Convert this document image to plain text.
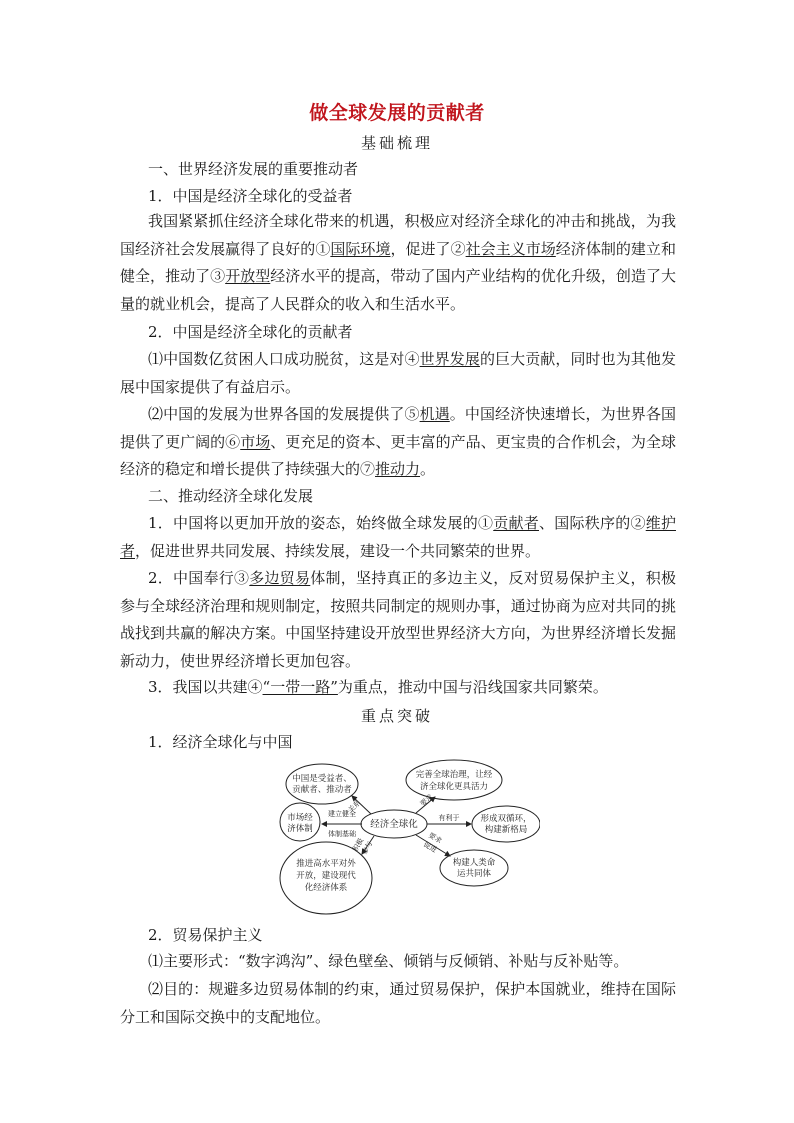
做全球发展的贡献者
基础梳理
一、世界经济发展的重要推动者
1．中国是经济全球化的受益者
我国紧紧抓住经济全球化带来的机遇，积极应对经济全球化的冲击和挑战，为我国经济社会发展赢得了良好的①国际环境，促进了②社会主义市场经济体制的建立和健全，推动了③开放型经济水平的提高，带动了国内产业结构的优化升级，创造了大量的就业机会，提高了人民群众的收入和生活水平。
2．中国是经济全球化的贡献者
⑴中国数亿贫困人口成功脱贫，这是对④世界发展的巨大贡献，同时也为其他发展中国家提供了有益启示。
⑵中国的发展为世界各国的发展提供了⑤机遇。中国经济快速增长，为世界各国提供了更广阔的⑥市场、更充足的资本、更丰富的产品、更宝贵的合作机会，为全球经济的稳定和增长提供了持续强大的⑦推动力。
二、推动经济全球化发展
1．中国将以更加开放的姿态，始终做全球发展的①贡献者、国际秩序的②维护者，促进世界共同发展、持续发展，建设一个共同繁荣的世界。
2．中国奉行③多边贸易体制，坚持真正的多边主义，反对贸易保护主义，积极参与全球经济治理和规则制定，按照共同制定的规则办事，通过协商为应对共同的挑战找到共赢的解决方案。中国坚持建设开放型世界经济大方向，为世界经济增长发掘新动力，使世界经济增长更加包容。
3．我国以共建④“一带一路”为重点，推动中国与沿线国家共同繁荣。
重点突破
1．经济全球化与中国
中国是受益者、
贡献者、推动者
市场经
济体制
推进高水平对外
开放，建设现代
化经济体系
经济全球化
完善全球治理，让经
济全球化更具活力
形成双循环，
构建新格局
构建人类命
运共同体
关系
建立健全
体制基础
积极
参与
要求
有利于
要求
促进
2．贸易保护主义
⑴主要形式：“数字鸿沟”、绿色壁垒、倾销与反倾销、补贴与反补贴等。
⑵目的：规避多边贸易体制的约束，通过贸易保护，保护本国就业，维持在国际分工和国际交换中的支配地位。
